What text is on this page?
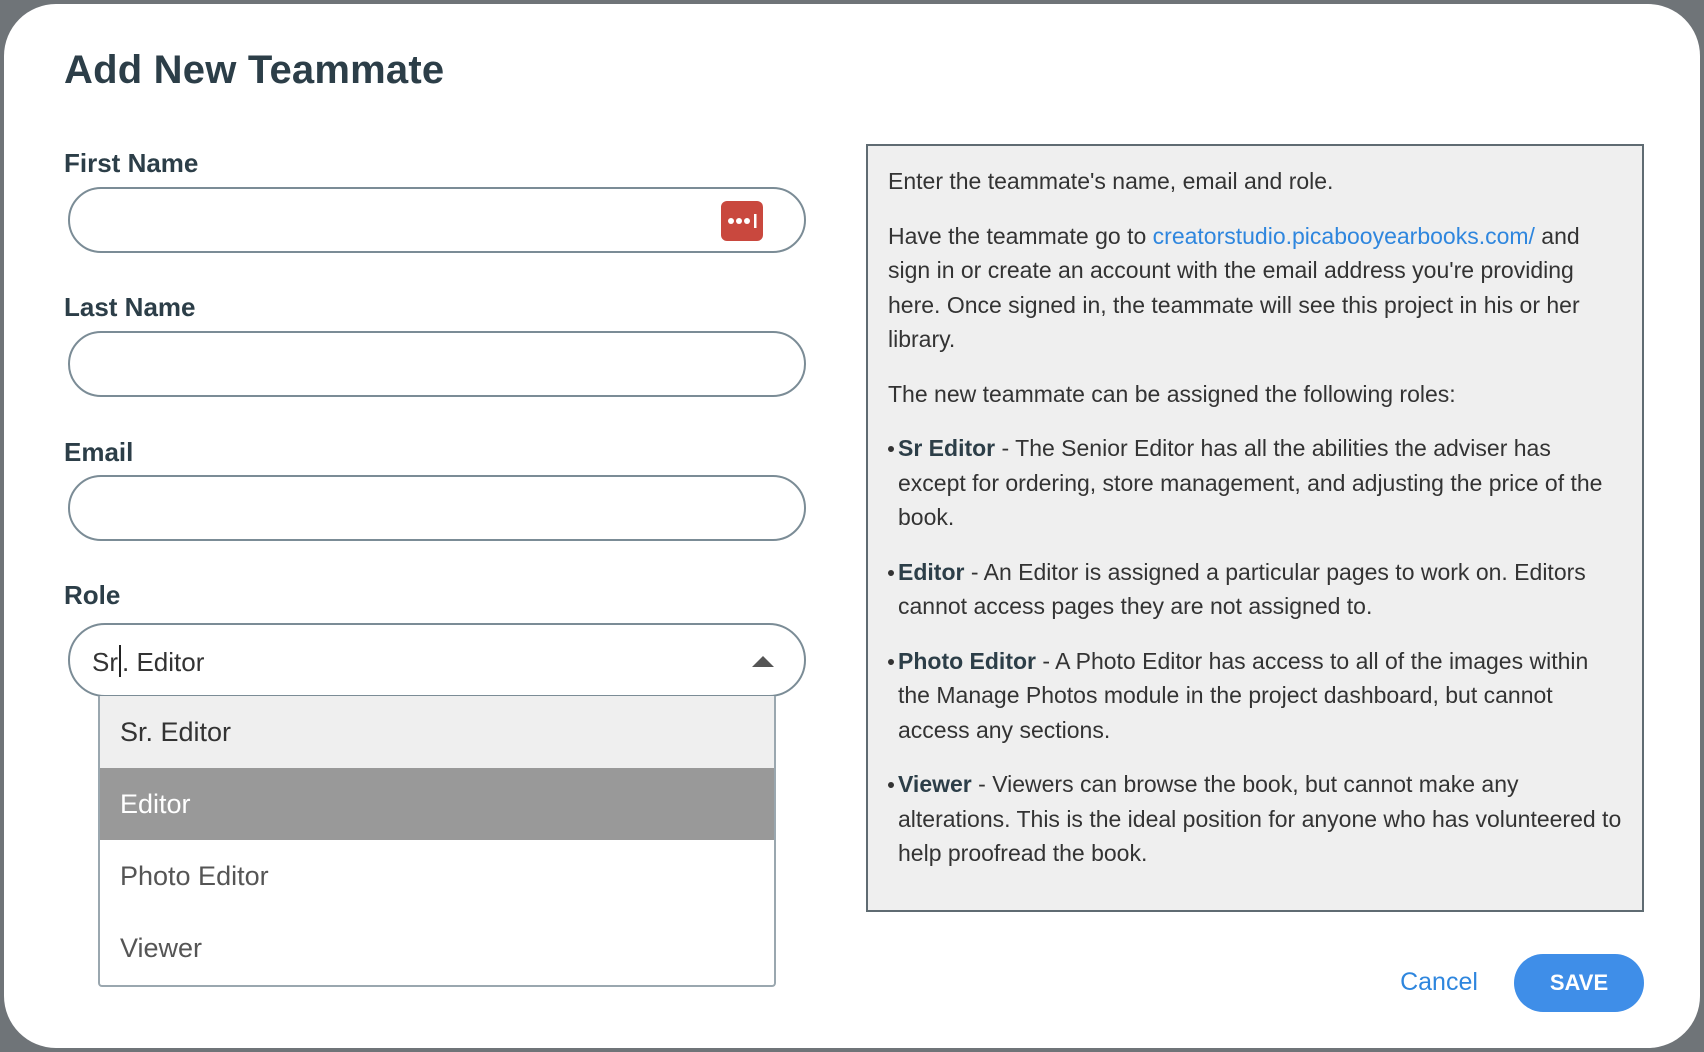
Add New Teammate
First Name
Last Name
Email
Role
Sr . Editor
Sr. Editor
Editor
Photo Editor
Viewer

Enter the teammate's name, email and role.

Have the teammate go to creatorstudio.picabooyearbooks.com/ and sign in or create an account with the email address you're providing here. Once signed in, the teammate will see this project in his or her library.

The new teammate can be assigned the following roles:

Sr Editor - The Senior Editor has all the abilities the adviser has except for ordering, store management, and adjusting the price of the book.
Editor - An Editor is assigned a particular pages to work on. Editors cannot access pages they are not assigned to.
Photo Editor - A Photo Editor has access to all of the images within the Manage Photos module in the project dashboard, but cannot access any sections.
Viewer - Viewers can browse the book, but cannot make any alterations. This is the ideal position for anyone who has volunteered to help proofread the book.
Cancel	SAVE
